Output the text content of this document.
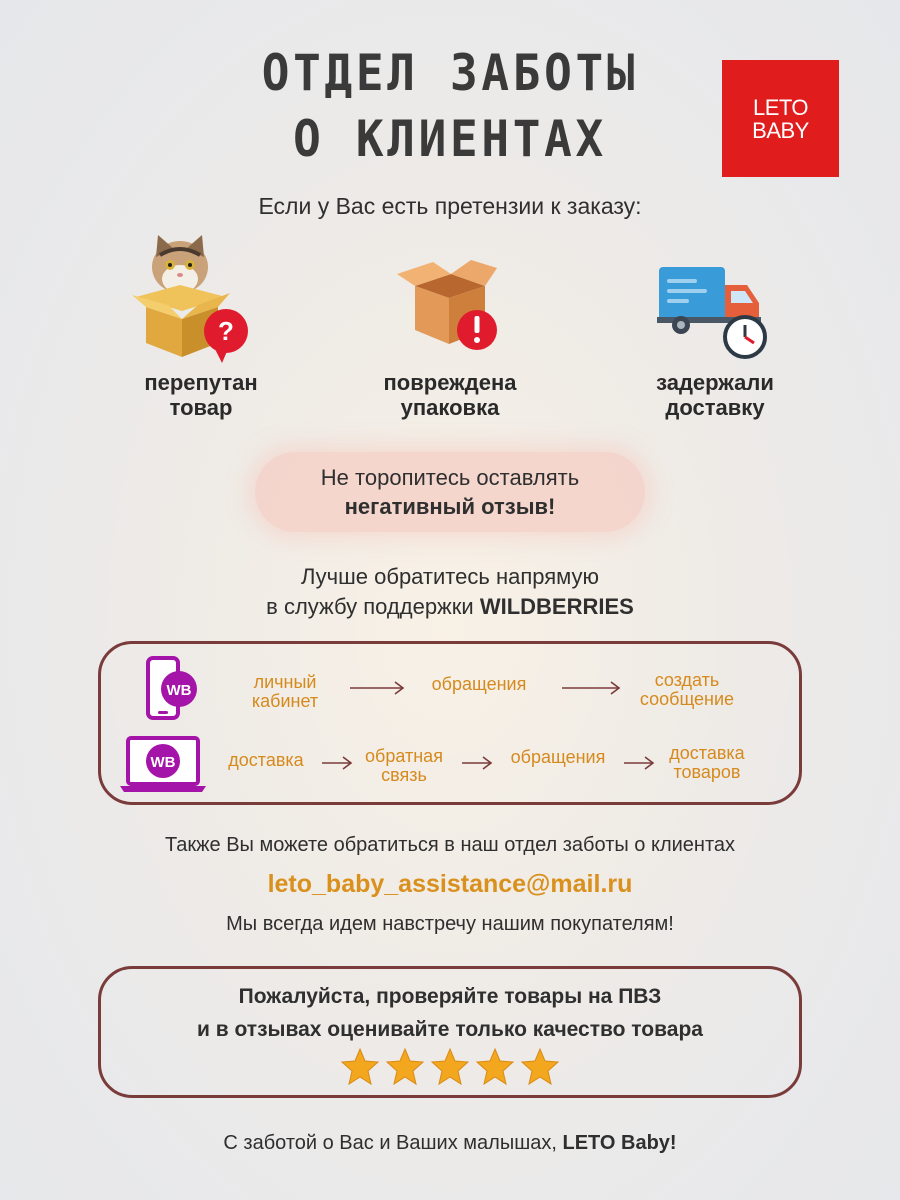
ОТДЕЛ ЗАБОТЫ
О КЛИЕНТАХ
LETO
BABY
Если у Вас есть претензии к заказу:
?
перепутан
товар
повреждена
упаковка
задержали
доставку
Не торопитесь оставлять
негативный отзыв!
Лучше обратитесь напрямую
в службу поддержки WILDBERRIES
WB	личный
кабинет
обращения	создать
сообщение
WB	доставка	обратная
связь
обращения	доставка
товаров
Также Вы можете обратиться в наш отдел заботы о клиентах
leto_baby_assistance@mail.ru
Мы всегда идем навстречу нашим покупателям!
Пожалуйста, проверяйте товары на ПВЗ
и в отзывах оценивайте только качество товара
С заботой о Вас и Ваших малышах, LETO Baby!
